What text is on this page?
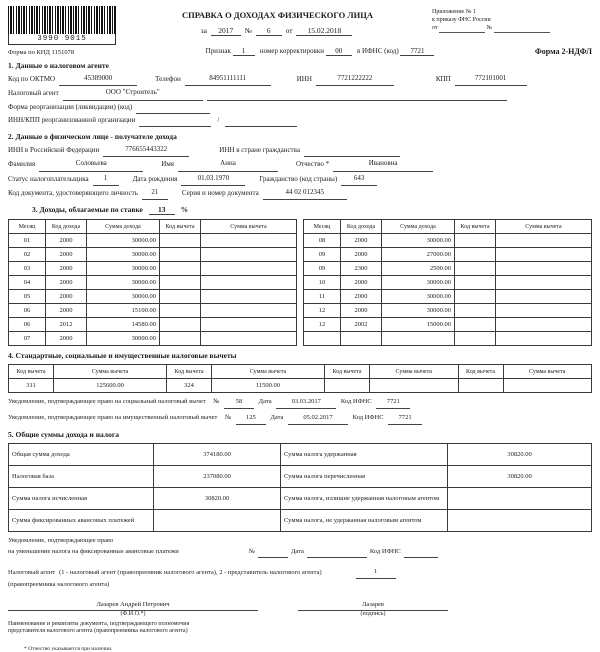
3990 9015
СПРАВКА О ДОХОДАХ ФИЗИЧЕСКОГО ЛИЦА
за 2017 № 6 от 15.02.2018
Приложение № 1
к приказу ФНС России
от	№
Форма по КНД 1151078	Признак 1 номер корректировки 00 в ИФНС (код) 7721	Форма 2-НДФЛ
1. Данные о налоговом агенте
Код по ОКТМО	45389000	Телефон	84951111111	ИНН	7721222222	КПП	772101001
Налоговый агент	ООО "Строитель"
Форма реорганизации (ликвидации) (код)
ИНН/КПП реорганизованной организации	/
2. Данные о физическом лице - получателе дохода
ИНН в Российской Федерации	776655443322	ИНН в стране гражданства
Фамилия	Соловьева	Имя	Анна	Отчество *	Ивановна
Статус налогоплательщика	1	Дата рождения	01.03.1970	Гражданство (код страны)	643
Код документа, удостоверяющего личность	21	Серия и номер документа	44 02 012345
3. Доходы, облагаемые по ставке 13 %
Месяц	Код дохода	Сумма дохода	Код вычета	Сумма вычета
01	2000	30000.00		
02	2000	30000.00		
03	2000	30000.00		
04	2000	30000.00		
05	2000	30000.00		
06	2000	15100.00		
06	2012	14580.00		
07	2000	30000.00		
Месяц	Код дохода	Сумма дохода	Код вычета	Сумма вычета
08	2000	30000.00		
09	2000	27000.00		
09	2300	2500.00		
10	2000	30000.00		
11	2000	30000.00		
12	2000	30000.00		
12	2002	15000.00		

4. Стандартные, социальные и имущественные налоговые вычеты
Код вычета	Сумма вычета	Код вычета	Сумма вычета	Код вычета	Сумма вычета	Код вычета	Сумма вычета
311	125600.00	324	11500.00				
Уведомление, подтверждающее право на социальный налоговый вычет №	58	Дата	03.03.2017	Код ИФНС 7721
Уведомление, подтверждающее право на имущественный налоговый вычет № 125 Дата	05.02.2017	Код ИФНС 7721
5. Общие суммы дохода и налога
Общая сумма дохода	374180.00	Сумма налога удержанная	30820.00
Налоговая база	237080.00	Сумма налога перечисленная	30820.00
Сумма налога исчисленная	30820.00	Сумма налога, излишне удержанная налоговым агентом	
Сумма фиксированных авансовых платежей		Сумма налога, не удержанная налоговым агентом	
Уведомление, подтверждающее право
на уменьшение налога на фиксированные авансовые платежи	№	Дата	Код ИФНС
Налоговый агент (1 - налоговый агент (правопреемник налогового агента), 2 - представитель налогового агента)	1
(правопреемника налогового агента)
Лазарев Андрей Петрович
(Ф.И.О.*)
Лазарев
(подпись)
Наименование и реквизиты документа, подтверждающего полномочия
представителя налогового агента (правопреемника налогового агента)
* Отчество указывается при наличии.
